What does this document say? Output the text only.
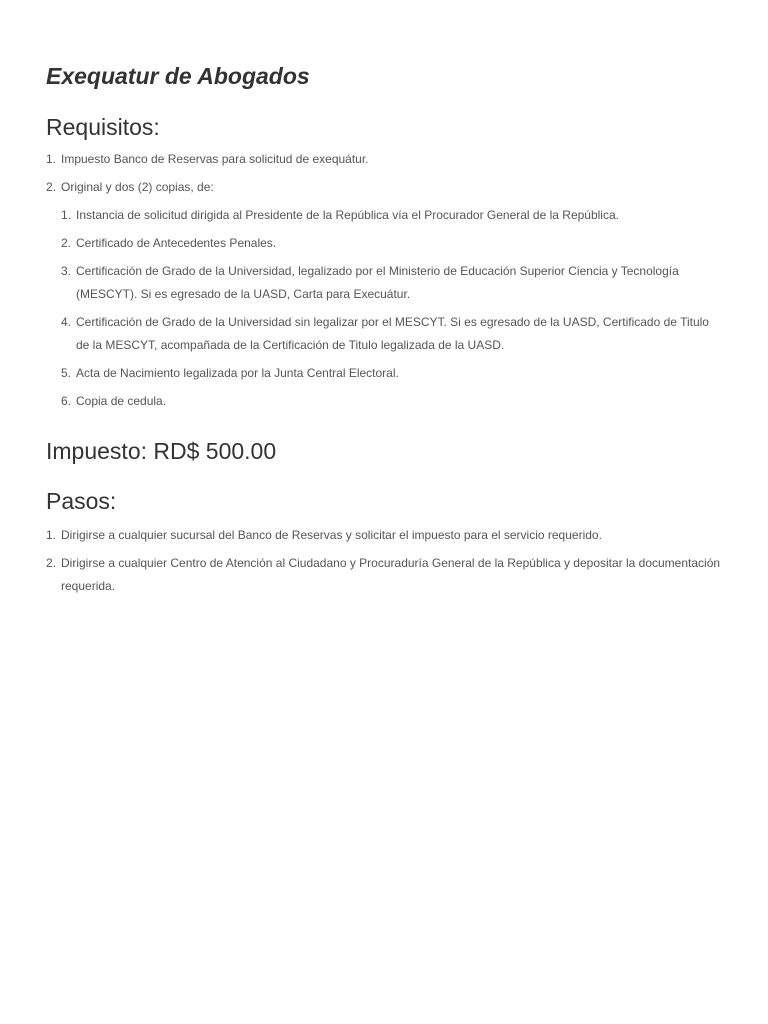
Exequatur de Abogados
Requisitos:
1. Impuesto Banco de Reservas para solicitud de exequátur.
2. Original y dos (2) copias, de:
1. Instancia de solicitud dirigida al Presidente de la República vía el Procurador General de la República.
2. Certificado de Antecedentes Penales.
3. Certificación de Grado de la Universidad, legalizado por el Ministerio de Educación Superior Ciencia y Tecnología (MESCYT). Si es egresado de la UASD, Carta para Execuátur.
4. Certificación de Grado de la Universidad sin legalizar por el MESCYT. Si es egresado de la UASD, Certificado de Titulo de la MESCYT, acompañada de la Certificación de Titulo legalizada de la UASD.
5. Acta de Nacimiento legalizada por la Junta Central Electoral.
6. Copia de cedula.
Impuesto: RD$ 500.00
Pasos:
1. Dirigirse a cualquier sucursal del Banco de Reservas y solicitar el impuesto para el servicio requerido.
2. Dirigirse a cualquier Centro de Atención al Ciudadano y Procuraduría General de la República y depositar la documentación requerida.
